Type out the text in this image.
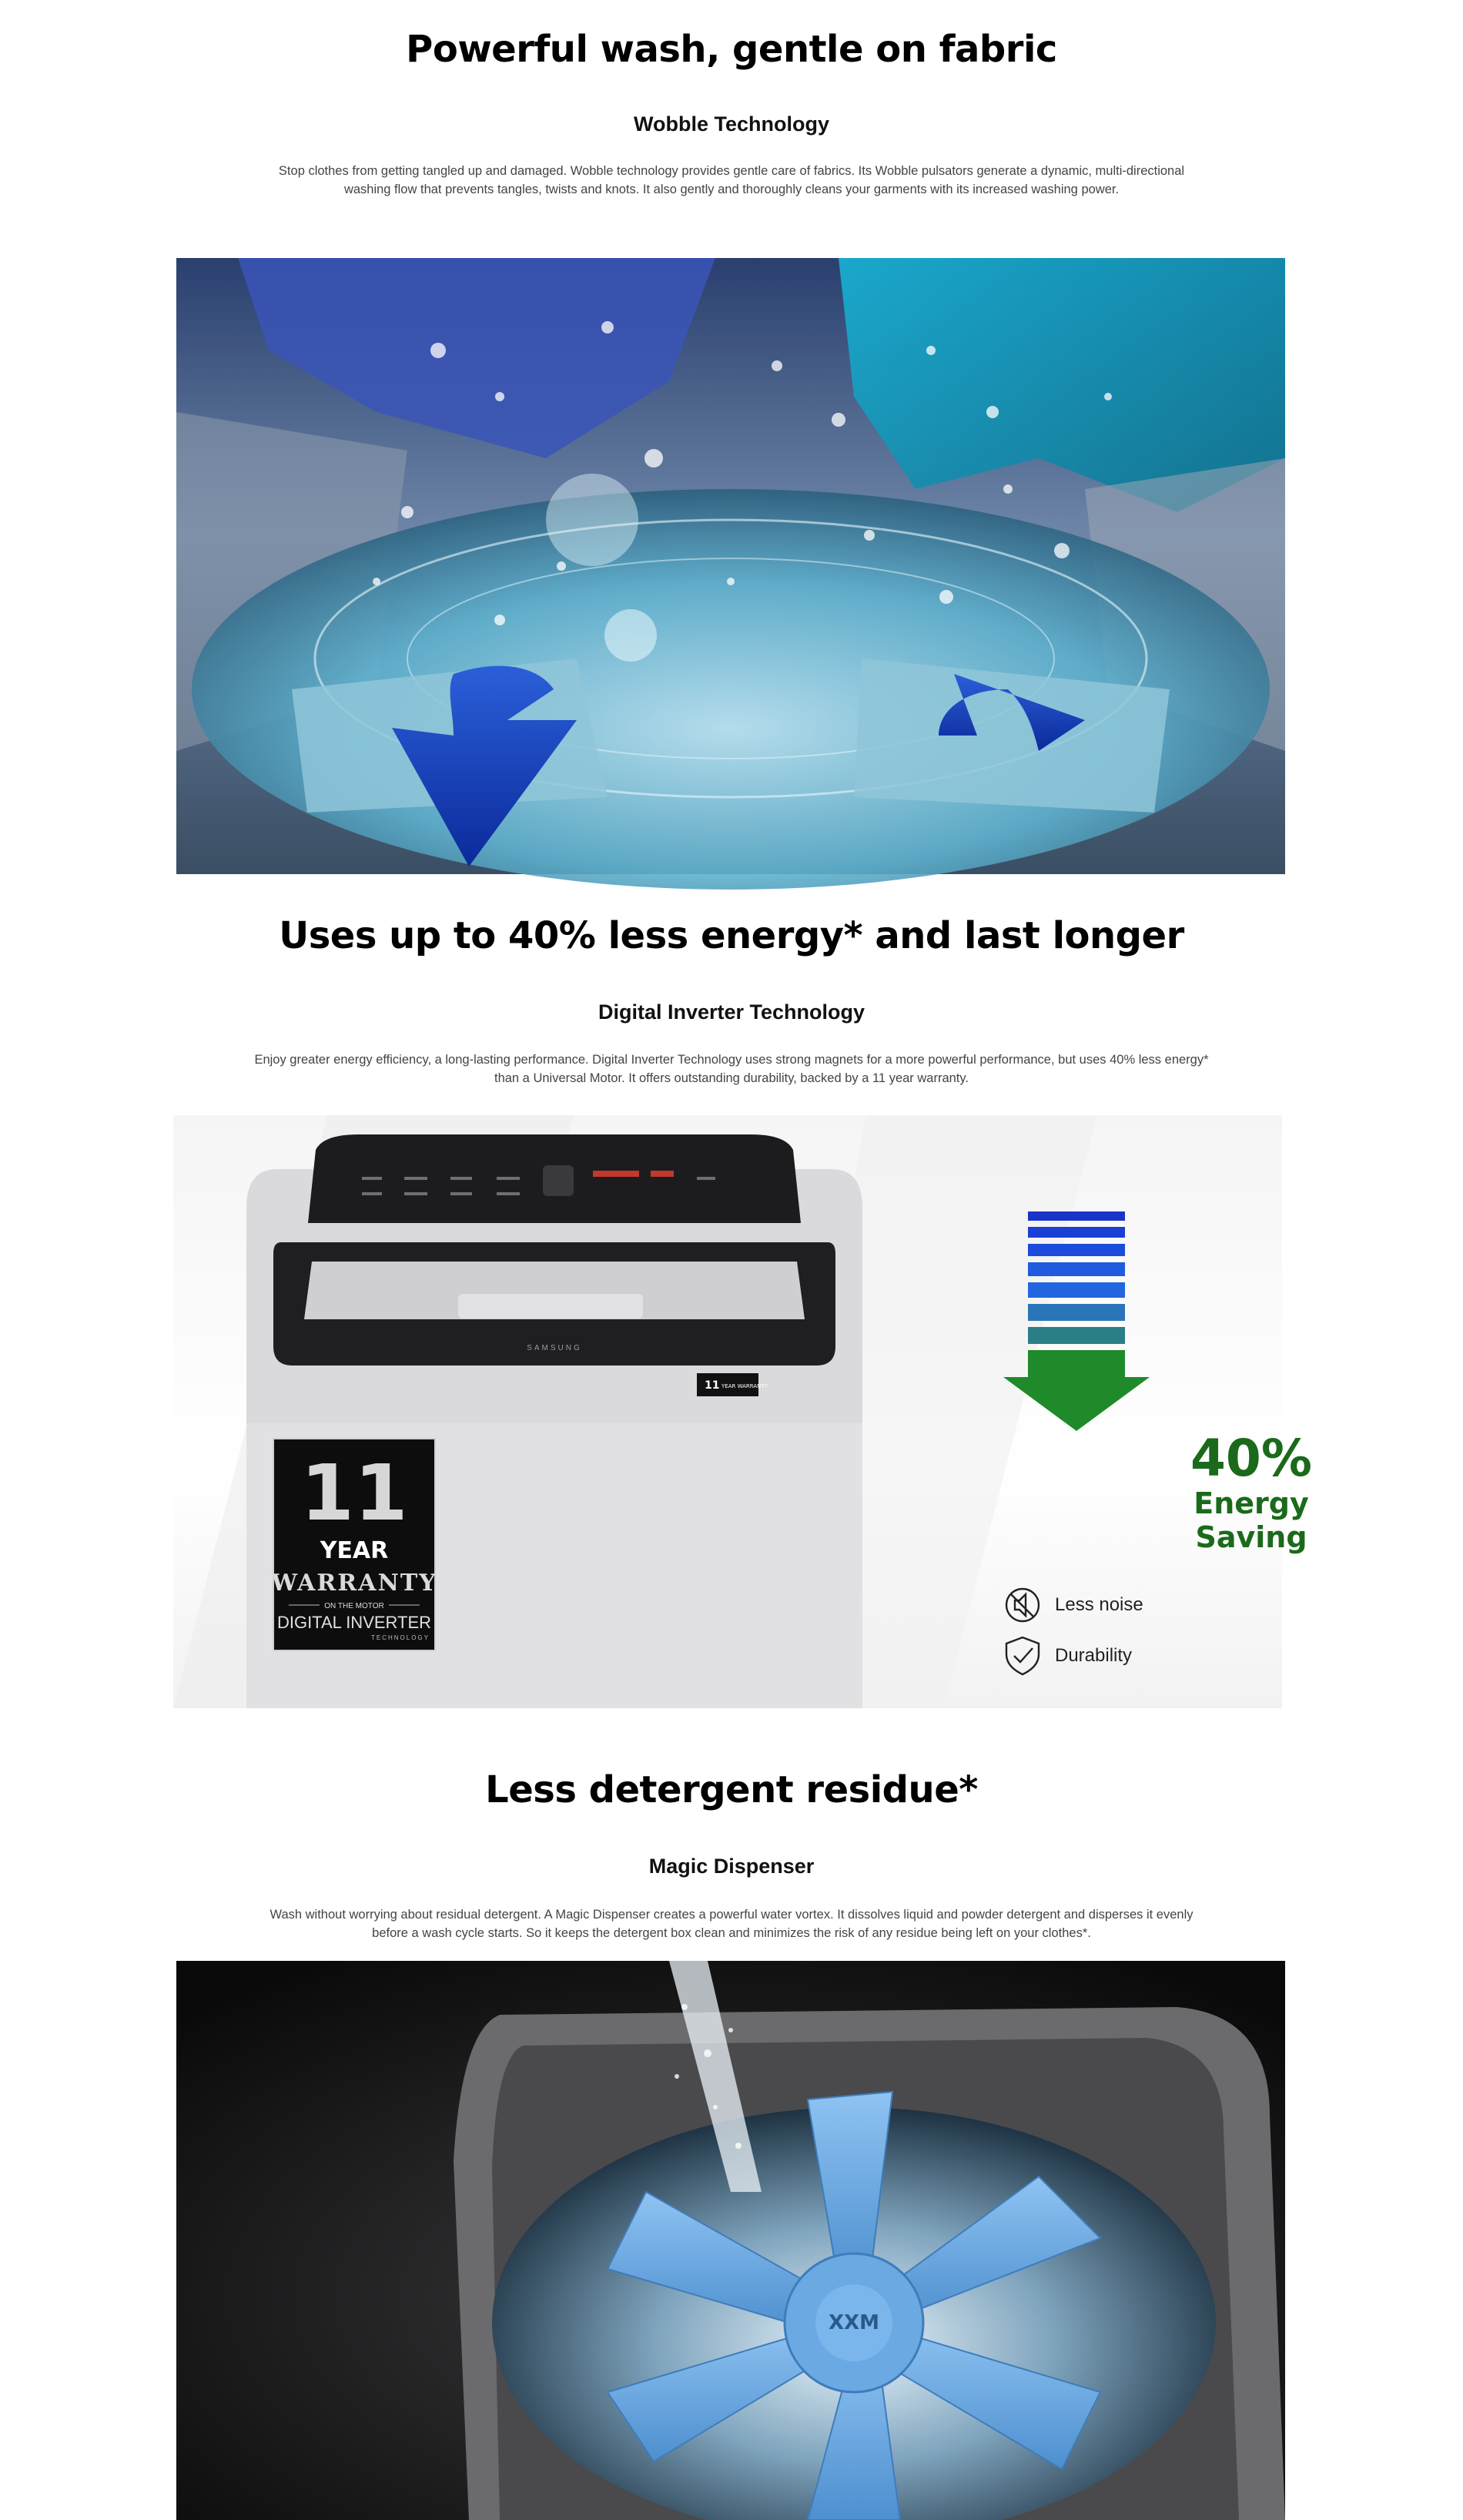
Powerful wash, gentle on fabric
Wobble Technology

Stop clothes from getting tangled up and damaged. Wobble technology provides gentle care of fabrics. Its Wobble pulsators generate a dynamic, multi-directional washing flow that prevents tangles, twists and knots. It also gently and thoroughly cleans your garments with its increased washing power.

Uses up to 40% less energy* and last longer
Digital Inverter Technology

Enjoy greater energy efficiency, a long-lasting performance. Digital Inverter Technology uses strong magnets for a more powerful performance, but uses 40% less energy* than a Universal Motor. It offers outstanding durability, backed by a 11 year warranty.

SAMSUNG
11 YEAR WARRANTY
11
YEAR
WARRANTY
ON THE MOTOR
DIGITAL INVERTER
TECHNOLOGY
40%
Energy Saving
Less noise
Durability
Less detergent residue*
Magic Dispenser

Wash without worrying about residual detergent. A Magic Dispenser creates a powerful water vortex. It dissolves liquid and powder detergent and disperses it evenly before a wash cycle starts. So it keeps the detergent box clean and minimizes the risk of any residue being left on your clothes*.

XXM
